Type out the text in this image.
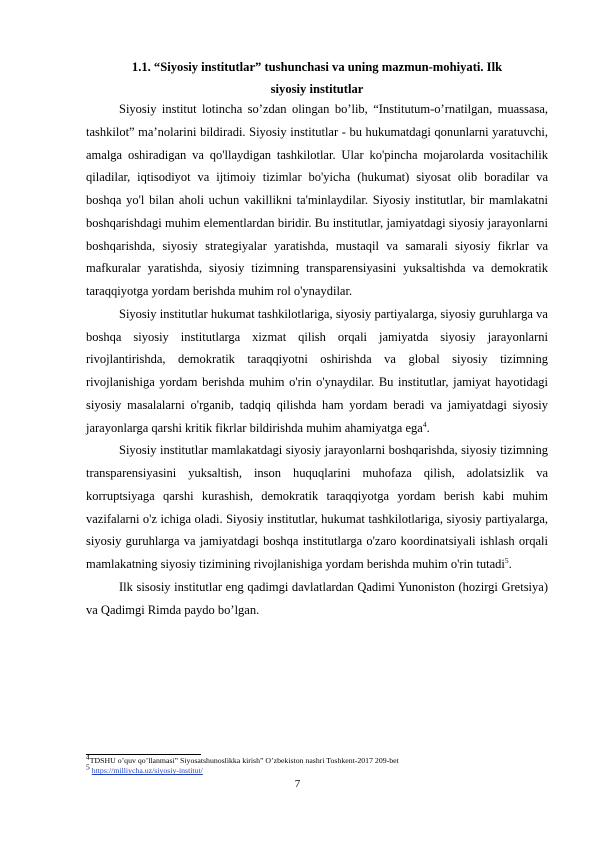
1.1. “Siyosiy institutlar” tushunchasi va uning mazmun-mohiyati. Ilk
siyosiy institutlar

Siyosiy institut lotincha so’zdan olingan bo’lib, “Institutum-o’rnatilgan, muassasa, tashkilot” ma’nolarini bildiradi. Siyosiy institutlar - bu hukumatdagi qonunlarni yaratuvchi, amalga oshiradigan va qo'llaydigan tashkilotlar. Ular ko'pincha mojarolarda vositachilik qiladilar, iqtisodiyot va ijtimoiy tizimlar bo'yicha (hukumat) siyosat olib boradilar va boshqa yo'l bilan aholi uchun vakillikni ta'minlaydilar. Siyosiy institutlar, bir mamlakatni boshqarishdagi muhim elementlardan biridir. Bu institutlar, jamiyatdagi siyosiy jarayonlarni boshqarishda, siyosiy strategiyalar yaratishda, mustaqil va samarali siyosiy fikrlar va mafkuralar yaratishda, siyosiy tizimning transparensiyasini yuksaltishda va demokratik taraqqiyotga yordam berishda muhim rol o'ynaydilar.

Siyosiy institutlar hukumat tashkilotlariga, siyosiy partiyalarga, siyosiy guruhlarga va boshqa siyosiy institutlarga xizmat qilish orqali jamiyatda siyosiy jarayonlarni rivojlantirishda, demokratik taraqqiyotni oshirishda va global siyosiy tizimning rivojlanishiga yordam berishda muhim o'rin o'ynaydilar. Bu institutlar, jamiyat hayotidagi siyosiy masalalarni o'rganib, tadqiq qilishda ham yordam beradi va jamiyatdagi siyosiy jarayonlarga qarshi kritik fikrlar bildirishda muhim ahamiyatga ega$^4$.

Siyosiy institutlar mamlakatdagi siyosiy jarayonlarni boshqarishda, siyosiy tizimning transparensiyasini yuksaltish, inson huquqlarini muhofaza qilish, adolatsizlik va korruptsiyaga qarshi kurashish, demokratik taraqqiyotga yordam berish kabi muhim vazifalarni o'z ichiga oladi. Siyosiy institutlar, hukumat tashkilotlariga, siyosiy partiyalarga, siyosiy guruhlarga va jamiyatdagi boshqa institutlarga o'zaro koordinatsiyali ishlash orqali mamlakatning siyosiy tizimining rivojlanishiga yordam berishda muhim o'rin tutadi$^5$.

Ilk sisosiy institutlar eng qadimgi davlatlardan Qadimi Yunoniston (hozirgi Gretsiya) va Qadimgi Rimda paydo bo’lgan.

$^4$TDSHU o’quv qo’llanmasi” Siyosatshunoslikka kirish” O’zbekiston nashri Toshkent-2017 209-bet
$^5$ https://milliycha.uz/siyosiy-institut/
7
